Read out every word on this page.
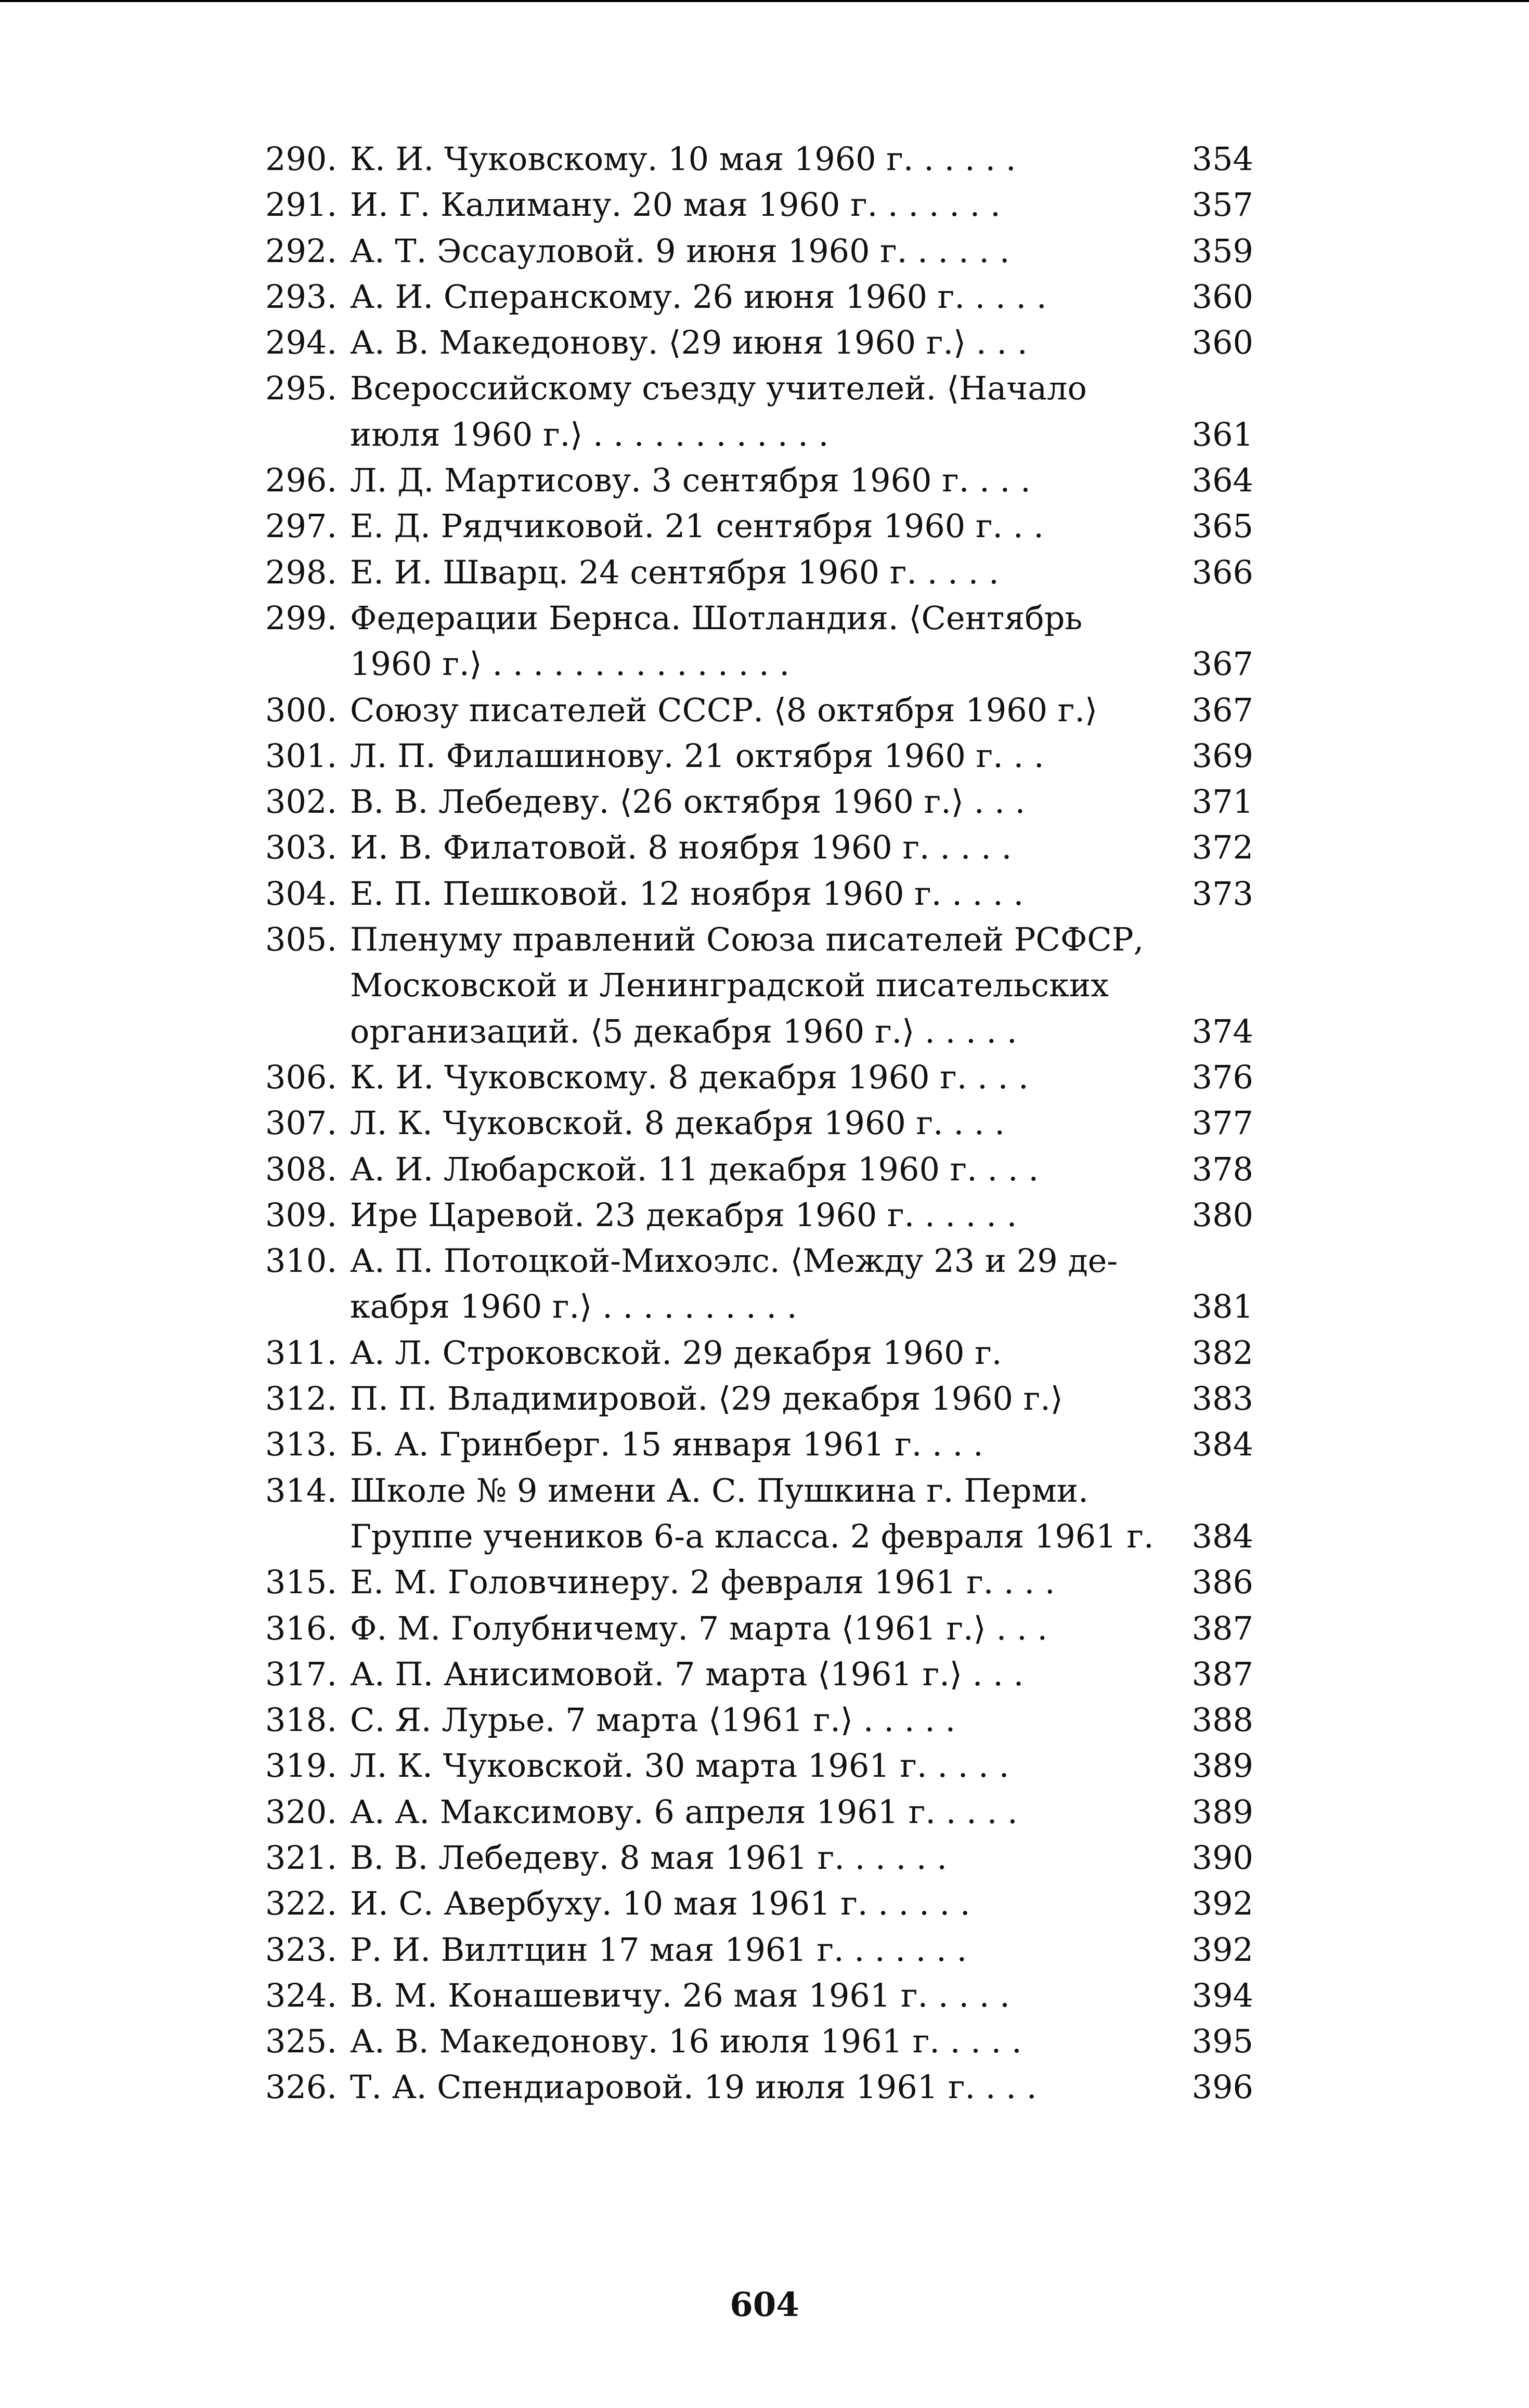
290. К. И. Чуковскому. 10 мая 1960 г. . . . . .	354
291. И. Г. Калиману. 20 мая 1960 г. . . . . . .	357
292. А. Т. Эссауловой. 9 июня 1960 г. . . . . .	359
293. А. И. Сперанскому. 26 июня 1960 г. . . . .	360
294. А. В. Македонову. ⟨29 июня 1960 г.⟩ . . .	360
295. Всероссийскому съезду учителей. ⟨Начало
июля 1960 г.⟩ . . . . . . . . . . . .	361
296. Л. Д. Мартисову. 3 сентября 1960 г. . . .	364
297. Е. Д. Рядчиковой. 21 сентября 1960 г. . .	365
298. Е. И. Шварц. 24 сентября 1960 г. . . . .	366
299. Федерации Бернса. Шотландия. ⟨Сентябрь
1960 г.⟩ . . . . . . . . . . . . . . .	367
300. Союзу писателей СССР. ⟨8 октября 1960 г.⟩	367
301. Л. П. Филашинову. 21 октября 1960 г. . .	369
302. В. В. Лебедеву. ⟨26 октября 1960 г.⟩ . . .	371
303. И. В. Филатовой. 8 ноября 1960 г. . . . .	372
304. Е. П. Пешковой. 12 ноября 1960 г. . . . .	373
305. Пленуму правлений Союза писателей РСФСР,
Московской и Ленинградской писательских
организаций. ⟨5 декабря 1960 г.⟩ . . . . .	374
306. К. И. Чуковскому. 8 декабря 1960 г. . . .	376
307. Л. К. Чуковской. 8 декабря 1960 г. . . .	377
308. А. И. Любарской. 11 декабря 1960 г. . . .	378
309. Ире Царевой. 23 декабря 1960 г. . . . . .	380
310. А. П. Потоцкой-Михоэлс. ⟨Между 23 и 29 де-
кабря 1960 г.⟩ . . . . . . . . . .	381
311. А. Л. Строковской. 29 декабря 1960 г.	382
312. П. П. Владимировой. ⟨29 декабря 1960 г.⟩	383
313. Б. А. Гринберг. 15 января 1961 г. . . .	384
314. Школе № 9 имени А. С. Пушкина г. Перми.
Группе учеников 6-а класса. 2 февраля 1961 г.	384
315. Е. М. Головчинеру. 2 февраля 1961 г. . . .	386
316. Ф. М. Голубничему. 7 марта ⟨1961 г.⟩ . . .	387
317. А. П. Анисимовой. 7 марта ⟨1961 г.⟩ . . .	387
318. С. Я. Лурье. 7 марта ⟨1961 г.⟩ . . . . .	388
319. Л. К. Чуковской. 30 марта 1961 г. . . . .	389
320. А. А. Максимову. 6 апреля 1961 г. . . . .	389
321. В. В. Лебедеву. 8 мая 1961 г. . . . . .	390
322. И. С. Авербуху. 10 мая 1961 г. . . . . .	392
323. Р. И. Вилтцин 17 мая 1961 г. . . . . . .	392
324. В. М. Конашевичу. 26 мая 1961 г. . . . .	394
325. А. В. Македонову. 16 июля 1961 г. . . . .	395
326. Т. А. Спендиаровой. 19 июля 1961 г. . . .	396
604
